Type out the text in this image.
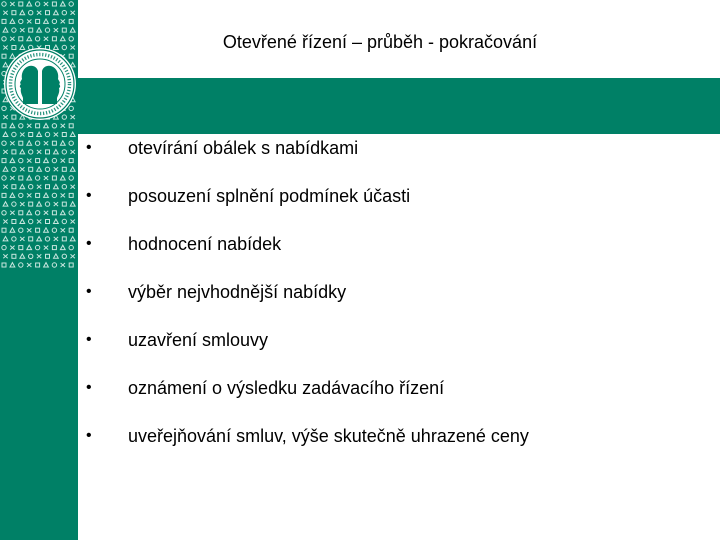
Otevřené řízení – průběh - pokračování
• otevírání obálek s nabídkami
• posouzení splnění podmínek účasti
• hodnocení nabídek
• výběr nejvhodnější nabídky
• uzavření smlouvy
• oznámení o výsledku zadávacího řízení
• uveřejňování smluv, výše skutečně uhrazené ceny
